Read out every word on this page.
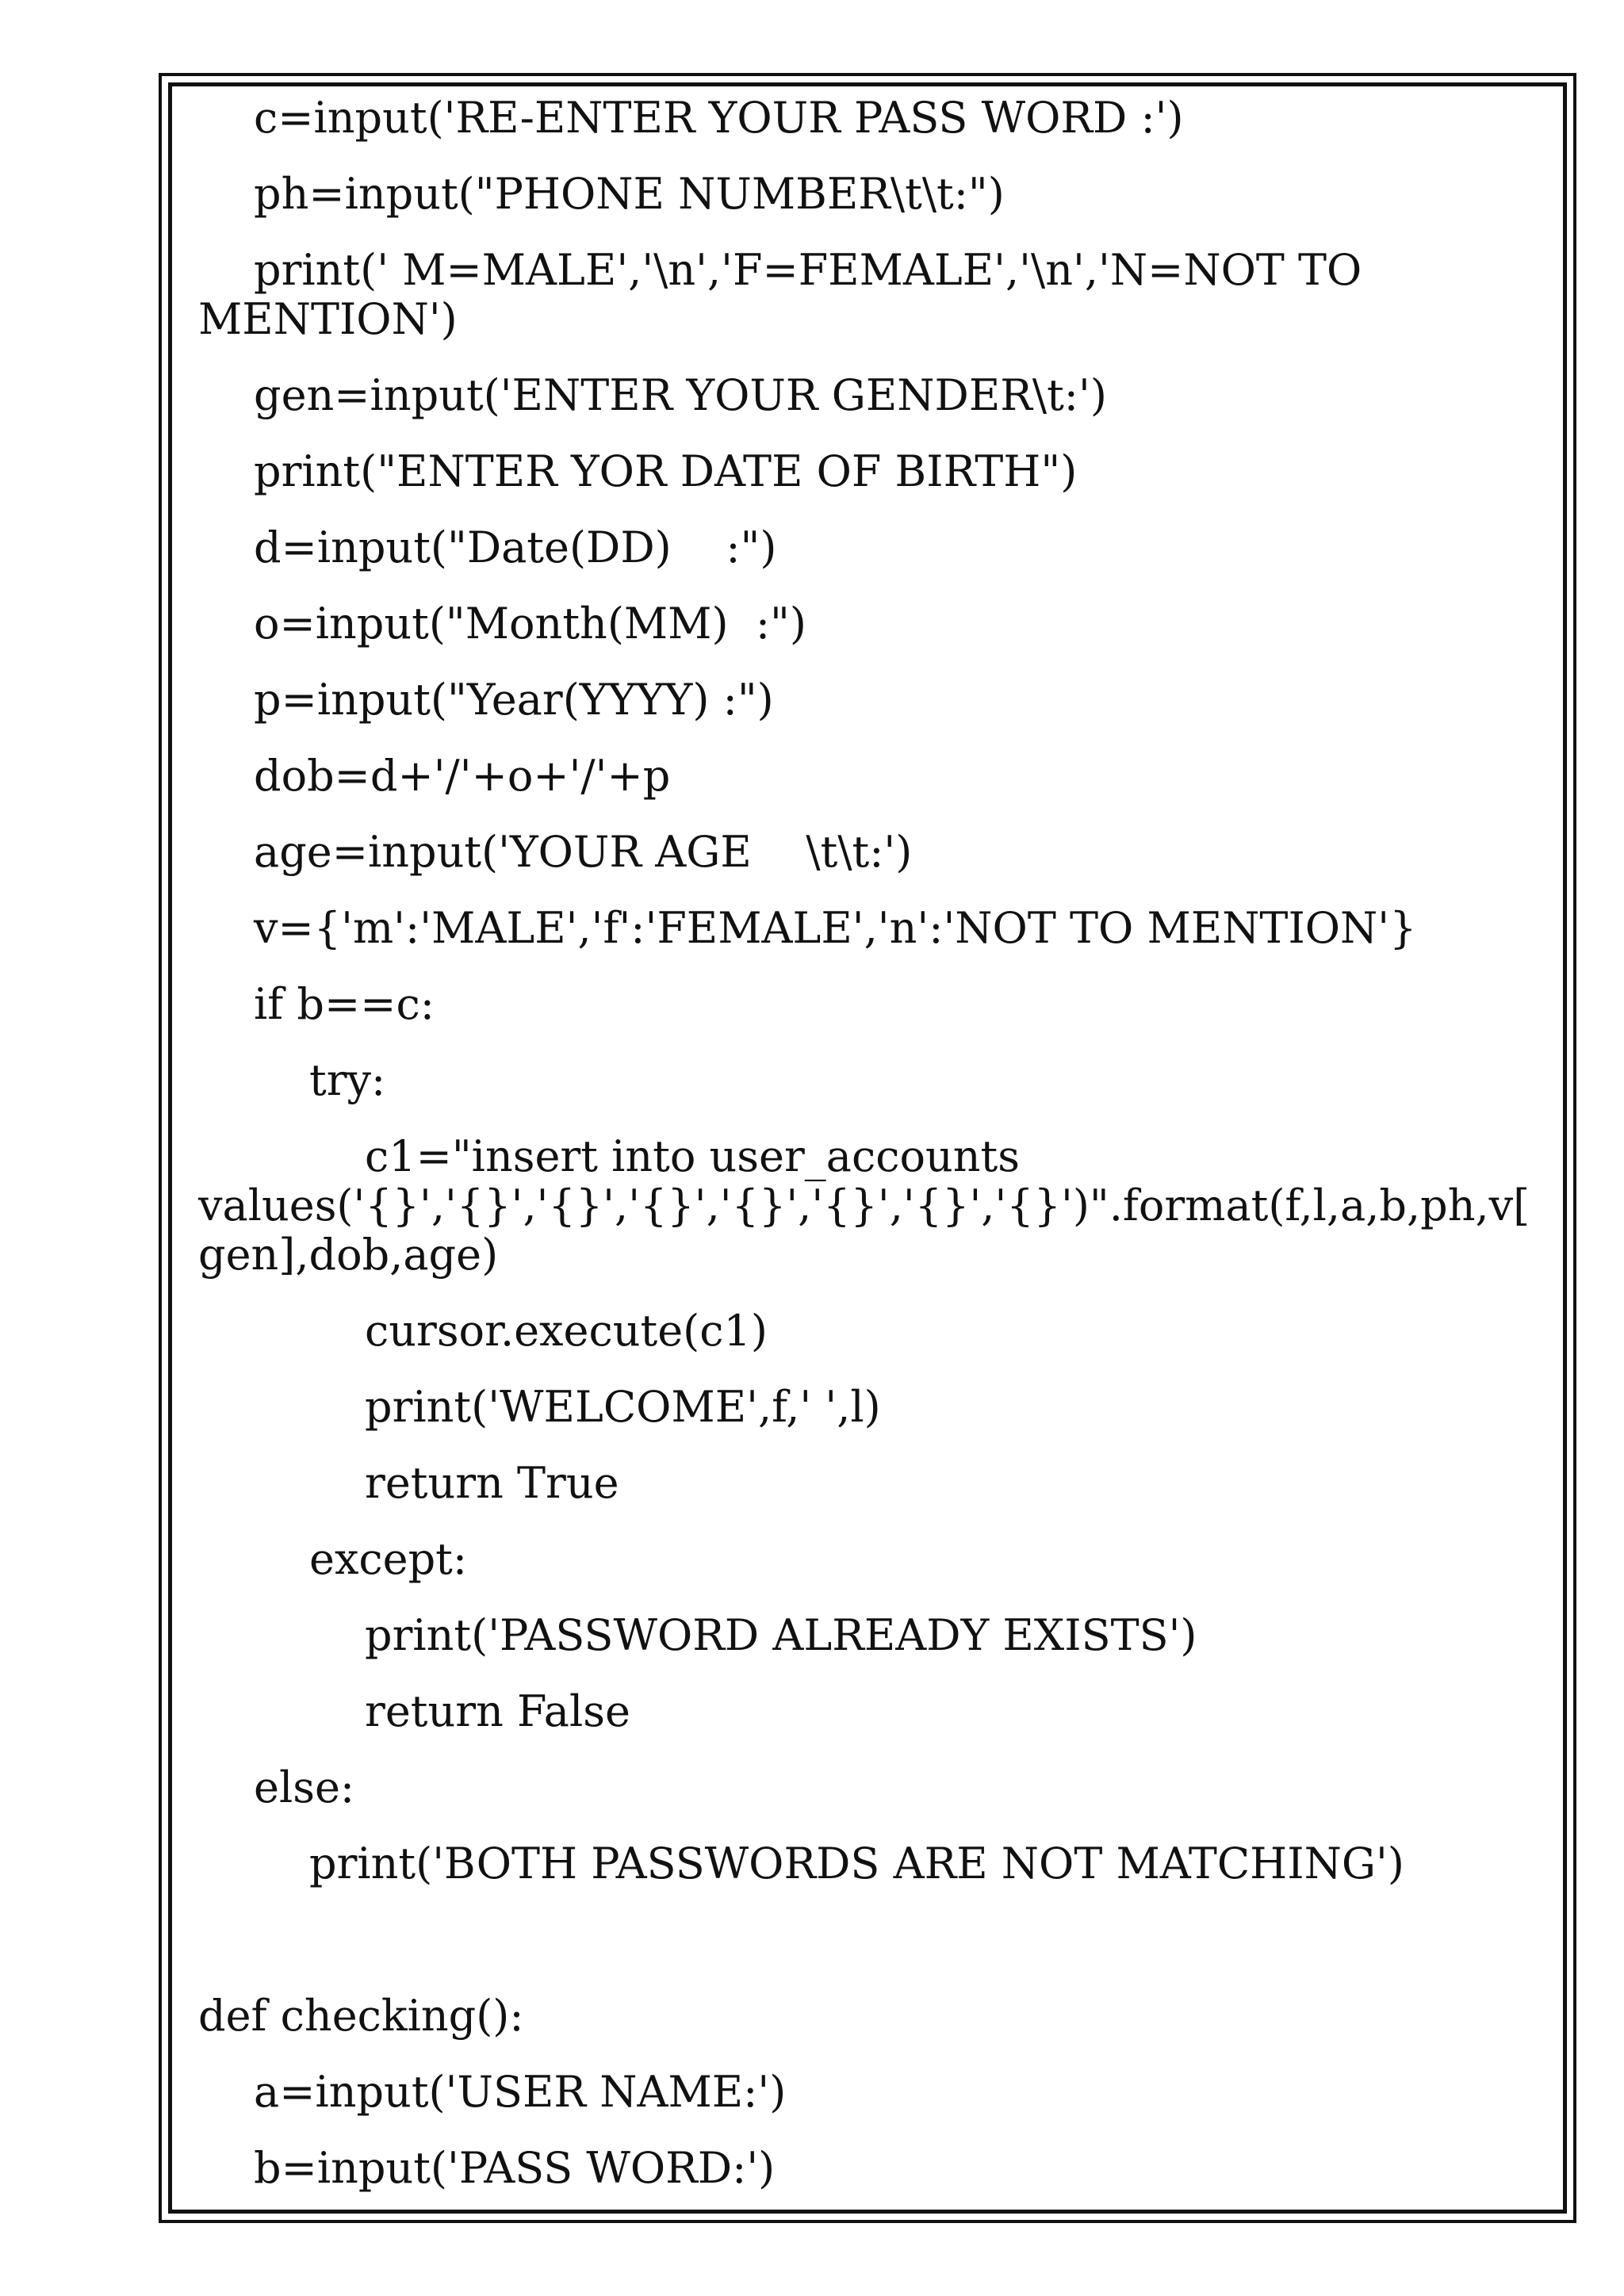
c=input('RE-ENTER YOUR PASS WORD :')

ph=input("PHONE NUMBER\t\t:")

print(' M=MALE','\n','F=FEMALE','\n','N=NOT TO MENTION')

gen=input('ENTER YOUR GENDER\t:')

print("ENTER YOR DATE OF BIRTH")

d=input("Date(DD)    :")

o=input("Month(MM)  :")

p=input("Year(YYYY) :")

dob=d+'/'+o+'/'+p

age=input('YOUR AGE    \t\t:')

v={'m':'MALE','f':'FEMALE','n':'NOT TO MENTION'}

if b==c:

try:

c1="insert into user_accounts values('{}','{}','{}','{}','{}','{}','{}','{}')".format(f,l,a,b,ph,v[gen],dob,age)

cursor.execute(c1)

print('WELCOME',f,' ',l)

return True

except:

print('PASSWORD ALREADY EXISTS')

return False

else:

print('BOTH PASSWORDS ARE NOT MATCHING')

def checking():

a=input('USER NAME:')

b=input('PASS WORD:')
